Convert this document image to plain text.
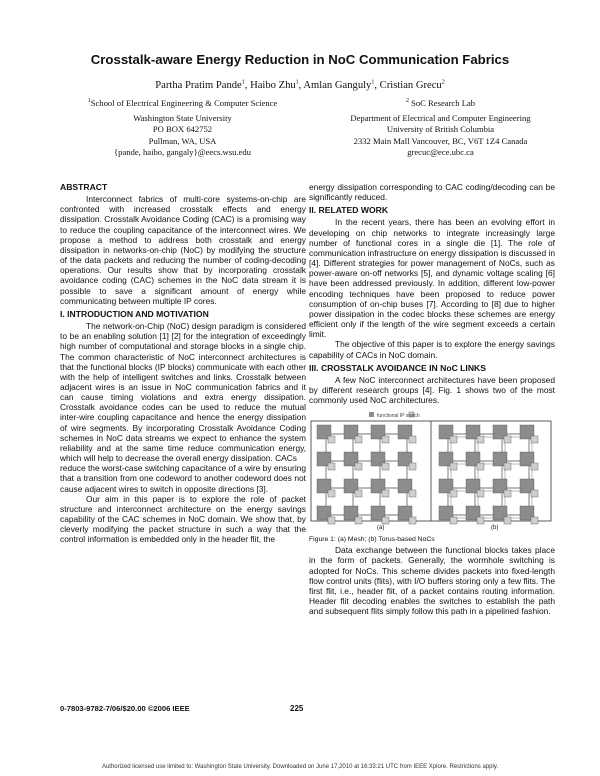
Crosstalk-aware Energy Reduction in NoC Communication Fabrics
Partha Pratim Pande$^1$, Haibo Zhu$^1$, Amlan Ganguly$^1$, Cristian Grecu$^2$
$^1$School of Electrical Engineering & Computer Science
Washington State University
PO BOX 642752
Pullman, WA, USA
{pande, haibo, gangaly}@eecs.wsu.edu
$^2$ SoC Research Lab
Department of Electrical and Computer Engineering
University of British Columbia
2332 Main Mall Vancouver, BC, V6T 1Z4 Canada
grecuc@ece.ubc.ca
ABSTRACT

Interconnect fabrics of multi-core systems-on-chip are confronted with increased crosstalk effects and energy dissipation. Crosstalk Avoidance Coding (CAC) is a promising way to reduce the coupling capacitance of the interconnect wires. We propose a method to address both crosstalk and energy dissipation in networks-on-chip (NoC) by modifying the structure of the data packets and reducing the number of coding-decoding operations. Our results show that by incorporating crosstalk avoidance coding (CAC) schemes in the NoC data stream it is possible to save a significant amount of energy while communicating between multiple IP cores.

I. INTRODUCTION AND MOTIVATION

The network-on-Chip (NoC) design paradigm is considered to be an enabling solution [1] [2] for the integration of exceedingly high number of computational and storage blocks in a single chip. The common characteristic of NoC interconnect architectures is that the functional blocks (IP blocks) communicate with each other with the help of intelligent switches and links. Crosstalk between adjacent wires is an issue in NoC communication fabrics and it can cause timing violations and extra energy dissipation. Crosstalk avoidance codes can be used to reduce the mutual inter-wire coupling capacitance and hence the energy dissipation of wire segments. By incorporating Crosstalk Avoidance Coding schemes in NoC data streams we expect to enhance the system reliability and at the same time reduce communication energy, which will help to decrease the overall energy dissipation. CACs

reduce the worst-case switching capacitance of a wire by ensuring that a transition from one codeword to another codeword does not cause adjacent wires to switch in opposite directions [3].

Our aim in this paper is to explore the role of packet structure and interconnect architecture on the energy savings capability of the CAC schemes in NoC domain. We show that, by cleverly modifying the packet structure in such a way that the control information is embedded only in the header flit, the

energy dissipation corresponding to CAC coding/decoding can be significantly reduced.

II. RELATED WORK

In the recent years, there has been an evolving effort in developing on chip networks to integrate increasingly large number of functional cores in a single die [1]. The role of communication infrastructure on energy dissipation is discussed in [4]. Different strategies for power management of NoCs, such as power-aware on-off networks [5], and dynamic voltage scaling [6] have been addressed previously. In addition, different low-power encoding techniques have been proposed to reduce power consumption of on-chip buses [7]. According to [8] due to higher power dissipation in the codec blocks these schemes are energy efficient only if the length of the wire segment exceeds a certain limit.

The objective of this paper is to explore the energy savings capability of CACs in NoC domain.

III. CROSSTALK AVOIDANCE IN NoC LINKS

A few NoC interconnect architectures have been proposed by different research groups [4]. Fig. 1 shows two of the most commonly used NoC architectures.

functional IP switch
(a)	(b)
Figure 1: (a) Mesh; (b) Torus-based NoCs

Data exchange between the functional blocks takes place in the form of packets. Generally, the wormhole switching is adopted for NoCs. This scheme divides packets into fixed-length flow control units (flits), with I/O buffers storing only a few flits. The first flit, i.e., header flit, of a packet contains routing information. Header flit decoding enables the switches to establish the path and subsequent flits simply follow this path in a pipelined fashion.

0-7803-9782-7/06/$20.00 ©2006 IEEE	225
Authorized licensed use limited to: Washington State University. Downloaded on June 17,2010 at 16:33:21 UTC from IEEE Xplore. Restrictions apply.
